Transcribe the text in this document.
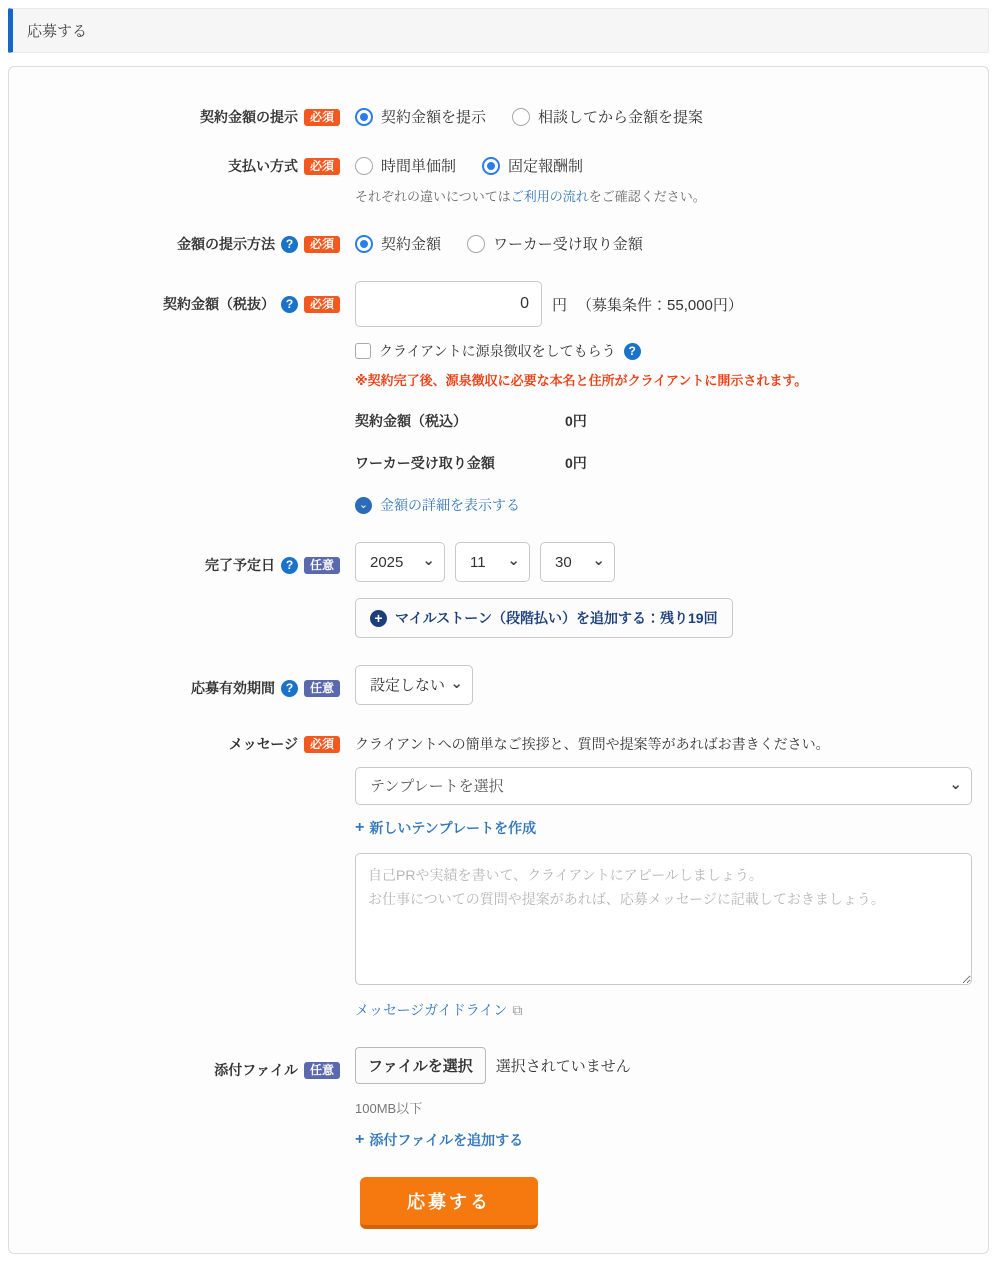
応募する
契約金額の提示	必須	契約金額を提示	相談してから金額を提案
支払い方式	必須	時間単価制	固定報酬制
それぞれの違いについてはご利用の流れをご確認ください。
金額の提示方法 ?	必須	契約金額	ワーカー受け取り金額
契約金額（税抜） ?	必須
0	円 （募集条件：55,000円）
クライアントに源泉徴収をしてもらう	?
※契約完了後、源泉徴収に必要な本名と住所がクライアントに開示されます。
契約金額（税込）	0円
ワーカー受け取り金額	0円
⌄ 金額の詳細を表示する
完了予定日 ?	任意
2025 ⌄
11 ⌄
30 ⌄
+ マイルストーン（段階払い）を追加する：残り19回
応募有効期間 ?	任意
設定しない ⌄
メッセージ	必須	クライアントへの簡単なご挨拶と、質問や提案等があればお書きください。
テンプレートを選択 ⌄
+ 新しいテンプレートを作成
自己PRや実績を書いて、クライアントにアピールしましょう。 お仕事についての質問や提案があれば、応募メッセージに記載しておきましょう。
メッセージガイドライン ⧉
添付ファイル	任意	ファイルを選択	選択されていません
100MB以下
+ 添付ファイルを追加する
応募する
